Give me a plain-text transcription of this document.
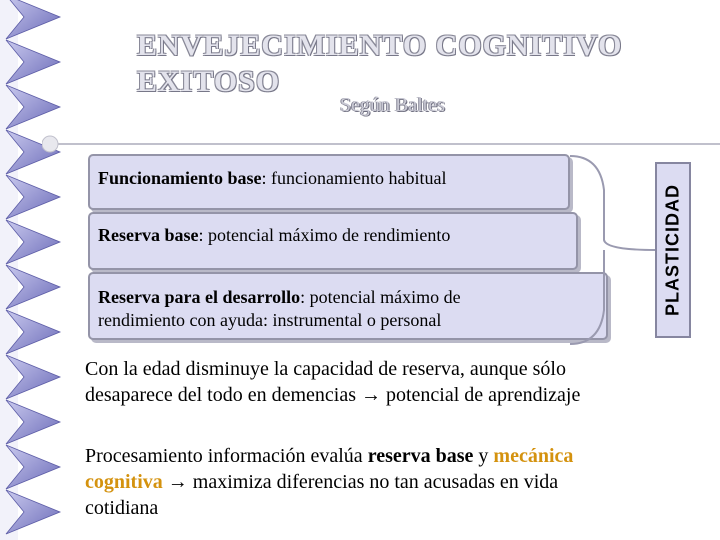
ENVEJECIMIENTO COGNITIVO
EXITOSO
Según Baltes
Funcionamiento base: funcionamiento habitual
Reserva base: potencial máximo de rendimiento
Reserva para el desarrollo: potencial máximo de
rendimiento con ayuda: instrumental o personal
PLASTICIDAD
Con la edad disminuye la capacidad de reserva, aunque sólo
desaparece del todo en demencias → potencial de aprendizaje
Procesamiento información evalúa reserva base y mecánica
cognitiva → maximiza diferencias no tan acusadas en vida
cotidiana
